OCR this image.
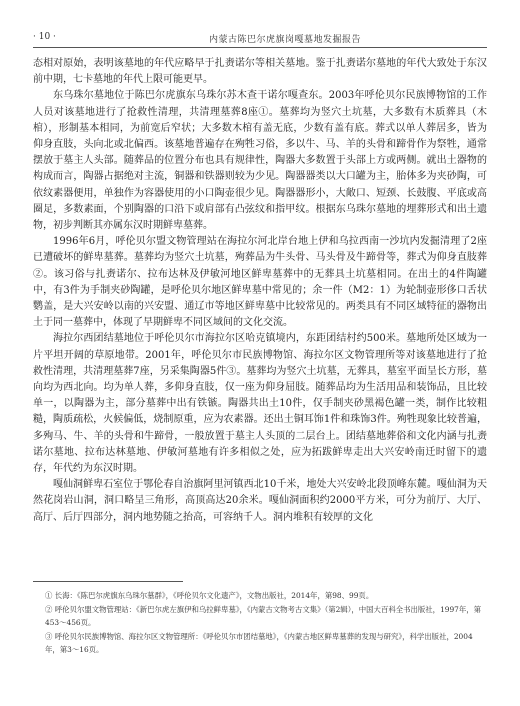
· 10 ·	内蒙古陈巴尔虎旗岗嘎墓地发掘报告

态相对原始，表明该墓地的年代应略早于扎赉诺尔等相关墓地。鉴于扎赉诺尔墓地的年代大致处于东汉前中期，七卡墓地的年代上限可能更早。

东乌珠尔墓地位于陈巴尔虎旗东乌珠尔苏木查干诺尔嘎查东。2003年呼伦贝尔民族博物馆的工作人员对该墓地进行了抢救性清理，共清理墓葬8座①。墓葬均为竖穴土坑墓，大多数有木质葬具（木棺），形制基本相同，为前宽后窄状；大多数木棺有盖无底，少数有盖有底。葬式以单人葬居多，皆为仰身直肢，头向北或北偏西。该墓地普遍存在殉牲习俗，多以牛、马、羊的头骨和蹄骨作为祭牲，通常摆放于墓主人头部。随葬品的位置分布也具有规律性，陶器大多数置于头部上方或两侧。就出土器物的构成而言，陶器占据绝对主流，铜器和铁器则较为少见。陶器器类以大口罐为主，胎体多为夹砂陶，可依纹素器便用，单独作为容器使用的小口陶壶很少见。陶器器形小，大敞口、短颈、长鼓腹、平底或高圈足，多数素面，个别陶器的口沿下或肩部有凸弦纹和指甲纹。根据东乌珠尔墓地的埋葬形式和出土遗物，初步判断其亦属东汉时期鲜卑墓葬。

1996年6月，呼伦贝尔盟文物管理站在海拉尔河北岸台地上伊和乌拉西南一沙坑内发掘清理了2座已遭破坏的鲜卑墓葬。墓葬均为竖穴土坑墓，殉葬品为牛头骨、马头骨及牛蹄骨等，葬式为仰身直肢葬②。该习俗与扎赉诺尔、拉布达林及伊敏河地区鲜卑墓葬中的无葬具土坑墓相同。在出土的4件陶罐中，有3件为手制夹砂陶罐，是呼伦贝尔地区鲜卑墓中常见的；余一件（M2：1）为轮制壶形侈口舌状鹦盖，是大兴安岭以南的兴安盟、通辽市等地区鲜卑墓中比较常见的。两类具有不同区域特征的器物出土于同一墓葬中，体现了早期鲜卑不同区域间的文化交流。

海拉尔西团结墓地位于呼伦贝尔市海拉尔区哈克镇境内，东距团结村约500米。墓地所处区域为一片平坦开阔的草原地带。2001年，呼伦贝尔市民族博物馆、海拉尔区文物管理所等对该墓地进行了抢救性清理，共清理墓葬7座，另采集陶器5件③。墓葬均为竖穴土坑墓，无葬具，墓室平面呈长方形，墓向均为西北向。均为单人葬，多仰身直肢，仅一座为仰身屈肢。随葬品均为生活用品和装饰品，且比较单一，以陶器为主，部分墓葬中出有铁镞。陶器共出土10件，仅手制夹砂黑褐色罐一类，制作比较粗糙，陶质疏松，火候偏低，烧制原重，应为农素器。还出土铜耳饰1件和珠饰3件。殉牲现象比较普遍，多殉马、牛、羊的头骨和牛蹄骨，一般放置于墓主人头顶的二层台上。团结墓地葬俗和文化内涵与扎赉诺尔墓地、拉布达林墓地、伊敏河墓地有许多相似之处，应为拓跋鲜卑走出大兴安岭南迁时留下的遗存，年代约为东汉时期。

嘎仙洞鲜卑石室位于鄂伦春自治旗阿里河镇西北10千米，地处大兴安岭北段顶峰东麓。嘎仙洞为天然花岗岩山洞，洞口略呈三角形，高顶高达20余米。嘎仙洞面积约2000平方米，可分为前厅、大厅、高厅、后厅四部分，洞内地势随之抬高，可容纳千人。洞内堆积有较厚的文化

① 长海：《陈巴尔虎旗东乌珠尔墓群》，《呼伦贝尔文化遗产》，文物出版社，2014年，第98、99页。

② 呼伦贝尔盟文物管理站：《新巴尔虎左旗伊和乌拉鲜卑墓》，《内蒙古文物考古文集》（第2辑），中国大百科全书出版社，1997年，第453～456页。

③ 呼伦贝尔民族博物馆、海拉尔区文物管理所：《呼伦贝尔市团结墓地》，《内蒙古地区鲜卑墓葬的发现与研究》，科学出版社，2004年，第3～16页。
